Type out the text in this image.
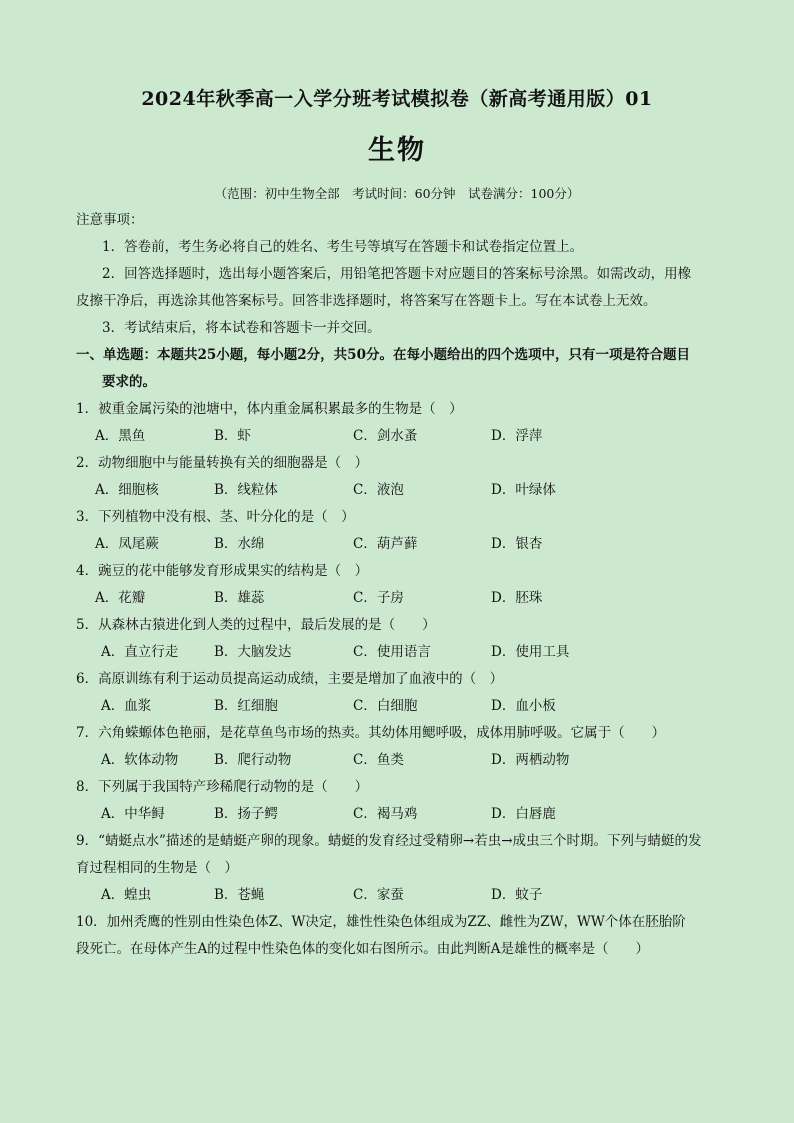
2024年秋季高一入学分班考试模拟卷（新高考通用版）01
生物
（范围：初中生物全部　考试时间：60分钟　试卷满分：100分）
注意事项：
1．答卷前，考生务必将自己的姓名、考生号等填写在答题卡和试卷指定位置上。
2．回答选择题时，选出每小题答案后，用铅笔把答题卡对应题目的答案标号涂黑。如需改动，用橡
皮擦干净后，再选涂其他答案标号。回答非选择题时，将答案写在答题卡上。写在本试卷上无效。
3．考试结束后，将本试卷和答题卡一并交回。
一、单选题：本题共25小题，每小题2分，共50分。在每小题给出的四个选项中，只有一项是符合题目
要求的。
1．被重金属污染的池塘中，体内重金属积累最多的生物是（　）
A．黑鱼	B．虾	C．剑水蚤	D．浮萍
2．动物细胞中与能量转换有关的细胞器是（　）
A．细胞核	B．线粒体	C．液泡	D．叶绿体
3．下列植物中没有根、茎、叶分化的是（　）
A．凤尾蕨	B．水绵	C．葫芦藓	D．银杏
4．豌豆的花中能够发育形成果实的结构是（　）
A．花瓣	B．雄蕊	C．子房	D．胚珠
5．从森林古猿进化到人类的过程中，最后发展的是（　　）
A．直立行走	B．大脑发达	C．使用语言	D．使用工具
6．高原训练有利于运动员提高运动成绩，主要是增加了血液中的（　）
A．血浆	B．红细胞	C．白细胞	D．血小板
7．六角蝾螈体色艳丽，是花草鱼鸟市场的热卖。其幼体用鳃呼吸，成体用肺呼吸。它属于（　　）
A．软体动物	B．爬行动物	C．鱼类	D．两栖动物
8．下列属于我国特产珍稀爬行动物的是（　　）
A．中华鲟	B．扬子鳄	C．褐马鸡	D．白唇鹿
9．“蜻蜓点水”描述的是蜻蜓产卵的现象。蜻蜓的发育经过受精卵→若虫→成虫三个时期。下列与蜻蜓的发
育过程相同的生物是（　）
A．蝗虫	B．苍蝇	C．家蚕	D．蚊子
10．加州秃鹰的性别由性染色体Z、W决定，雄性性染色体组成为ZZ、雌性为ZW，WW个体在胚胎阶
段死亡。在母体产生A的过程中性染色体的变化如右图所示。由此判断A是雄性的概率是（　　）
